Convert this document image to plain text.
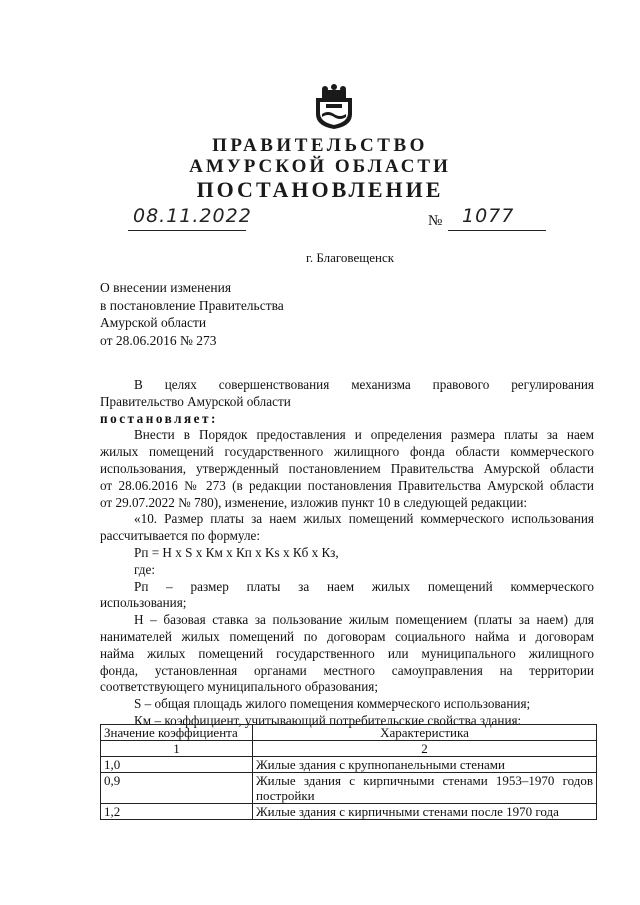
ПРАВИТЕЛЬСТВО
АМУРСКОЙ ОБЛАСТИ
ПОСТАНОВЛЕНИЕ
08.11.2022	№ 1077
г. Благовещенск
О внесении изменения
в постановление Правительства
Амурской области
от 28.06.2016 № 273
В целях совершенствования механизма правового регулирования
Правительство Амурской области
постановляет:
Внести в Порядок предоставления и определения размера платы за наем
жилых помещений государственного жилищного фонда области коммерческого
использования, утвержденный постановлением Правительства Амурской области
от 28.06.2016 № 273 (в редакции постановления Правительства Амурской области
от 29.07.2022 № 780), изменение, изложив пункт 10 в следующей редакции:
«10. Размер платы за наем жилых помещений коммерческого использования
рассчитывается по формуле:
Рп = Н х S х Км х Кп х Ks х Кб х Кз,
где:
Рп – размер платы за наем жилых помещений коммерческого
использования;
Н – базовая ставка за пользование жилым помещением (платы за наем) для
нанимателей жилых помещений по договорам социального найма и договорам
найма жилых помещений государственного или муниципального жилищного
фонда, установленная органами местного самоуправления на территории
соответствующего муниципального образования;
S – общая площадь жилого помещения коммерческого использования;
Км – коэффициент, учитывающий потребительские свойства здания:
Значение коэффициента	Характеристика
1	2
1,0	Жилые здания с крупнопанельными стенами
0,9	Жилые здания с кирпичными стенами 1953–1970 годов
постройки

1,2	Жилые здания с кирпичными стенами после 1970 года
